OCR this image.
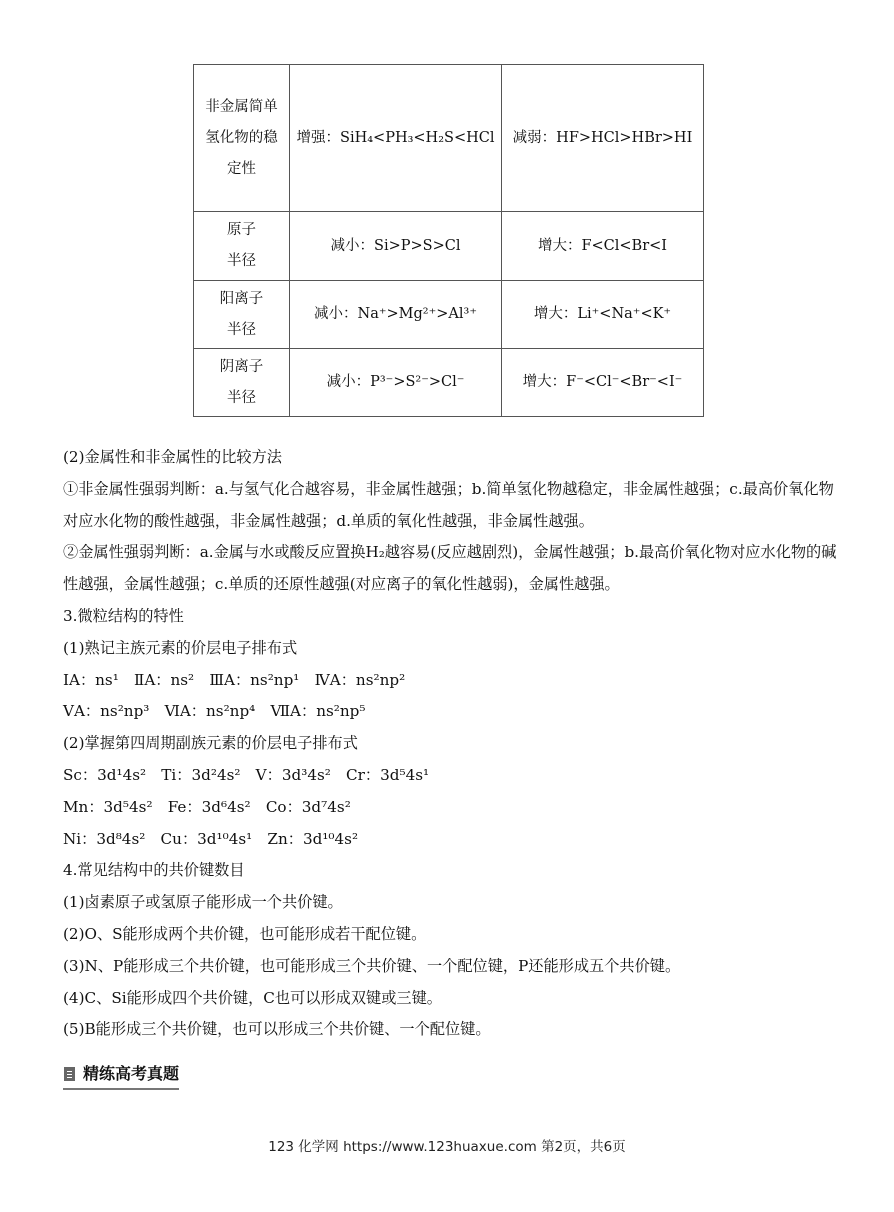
非金属简单氢化物的稳定性	增强：SiH₄<PH₃<H₂S<HCl	减弱：HF>HCl>HBr>HI
原子半径	减小：Si>P>S>Cl	增大：F<Cl<Br<I
阳离子半径	减小：Na⁺>Mg²⁺>Al³⁺	增大：Li⁺<Na⁺<K⁺
阴离子半径	减小：P³⁻>S²⁻>Cl⁻	增大：F⁻<Cl⁻<Br⁻<I⁻

(2)金属性和非金属性的比较方法

①非金属性强弱判断：a.与氢气化合越容易，非金属性越强；b.简单氢化物越稳定，非金属性越强；c.最高价氧化物对应水化物的酸性越强，非金属性越强；d.单质的氧化性越强，非金属性越强。

②金属性强弱判断：a.金属与水或酸反应置换H₂越容易(反应越剧烈)，金属性越强；b.最高价氧化物对应水化物的碱性越强，金属性越强；c.单质的还原性越强(对应离子的氧化性越弱)，金属性越强。

3.微粒结构的特性

(1)熟记主族元素的价层电子排布式

ⅠA：ns¹　ⅡA：ns²　ⅢA：ns²np¹　ⅣA：ns²np²

ⅤA：ns²np³　ⅥA：ns²np⁴　ⅦA：ns²np⁵

(2)掌握第四周期副族元素的价层电子排布式

Sc：3d¹4s²　Ti：3d²4s²　V：3d³4s²　Cr：3d⁵4s¹

Mn：3d⁵4s²　Fe：3d⁶4s²　Co：3d⁷4s²

Ni：3d⁸4s²　Cu：3d¹⁰4s¹　Zn：3d¹⁰4s²

4.常见结构中的共价键数目

(1)卤素原子或氢原子能形成一个共价键。

(2)O、S能形成两个共价键，也可能形成若干配位键。

(3)N、P能形成三个共价键，也可能形成三个共价键、一个配位键，P还能形成五个共价键。

(4)C、Si能形成四个共价键，C也可以形成双键或三键。

(5)B能形成三个共价键，也可以形成三个共价键、一个配位键。

精练高考真题
123 化学网 https://www.123huaxue.com 第2页，共6页
